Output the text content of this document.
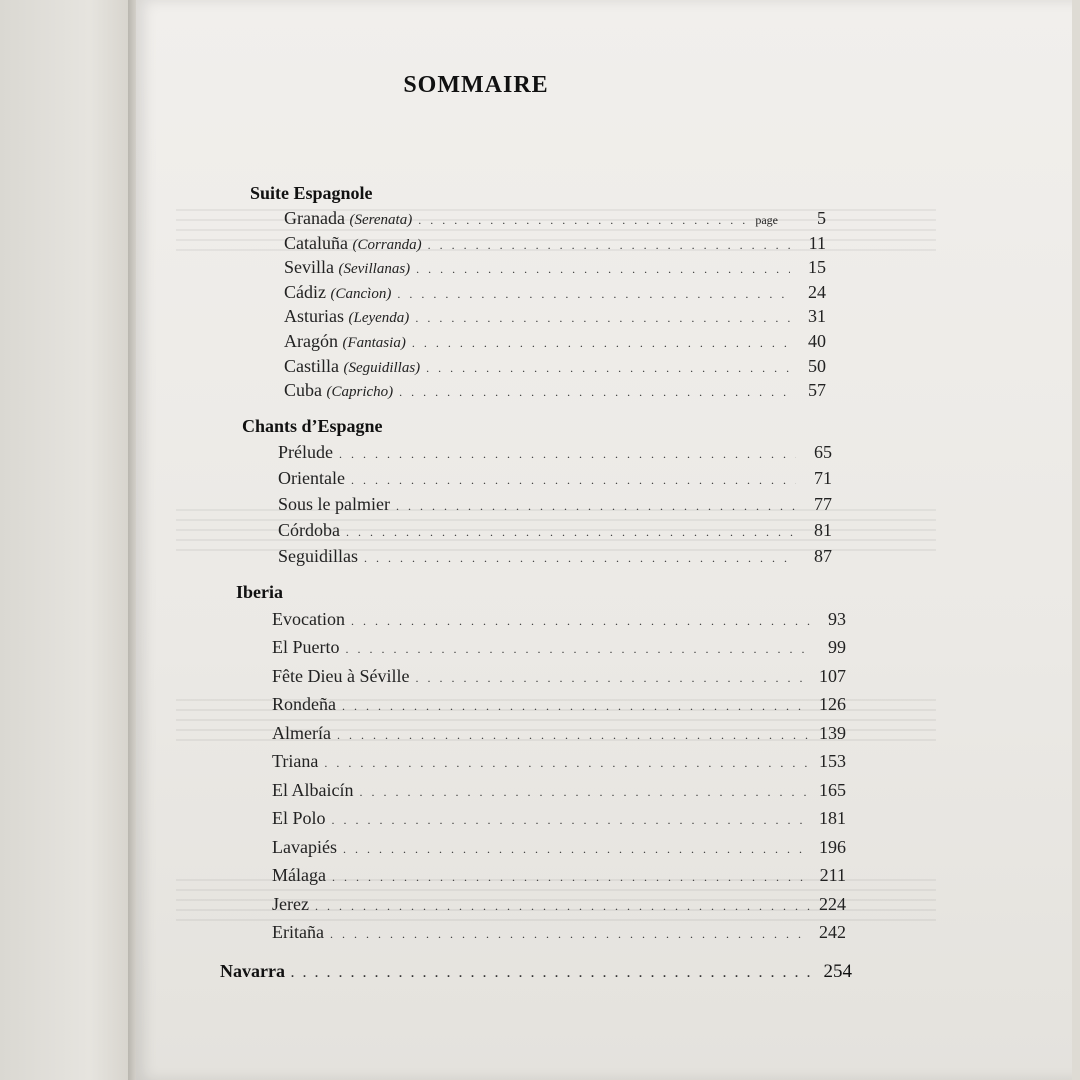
SOMMAIRE
Suite Espagnole
Granada (Serenata) . . .	page	5
Cataluña (Corranda) . . .	11
Sevilla (Sevillanas) . . .	15
Cádiz (Cancìon) . . .	24
Asturias (Leyenda) . . .	31
Aragón (Fantasia) . . .	40
Castilla (Seguidillas) . . .	50
Cuba (Capricho) . . .	57
Chants d’Espagne
Prélude . . .	65
Orientale . . .	71
Sous le palmier . . .	77
Córdoba . . .	81
Seguidillas . . .	87
Iberia
Evocation . . .	93
El Puerto . . .	99
Fête Dieu à Séville . . .	107
Rondeña . . .	126
Almería . . .	139
Triana . . .	153
El Albaicín . . .	165
El Polo . . .	181
Lavapiés . . .	196
Málaga . . .	211
Jerez . . .	224
Eritaña . . .	242
Navarra . . .	254
